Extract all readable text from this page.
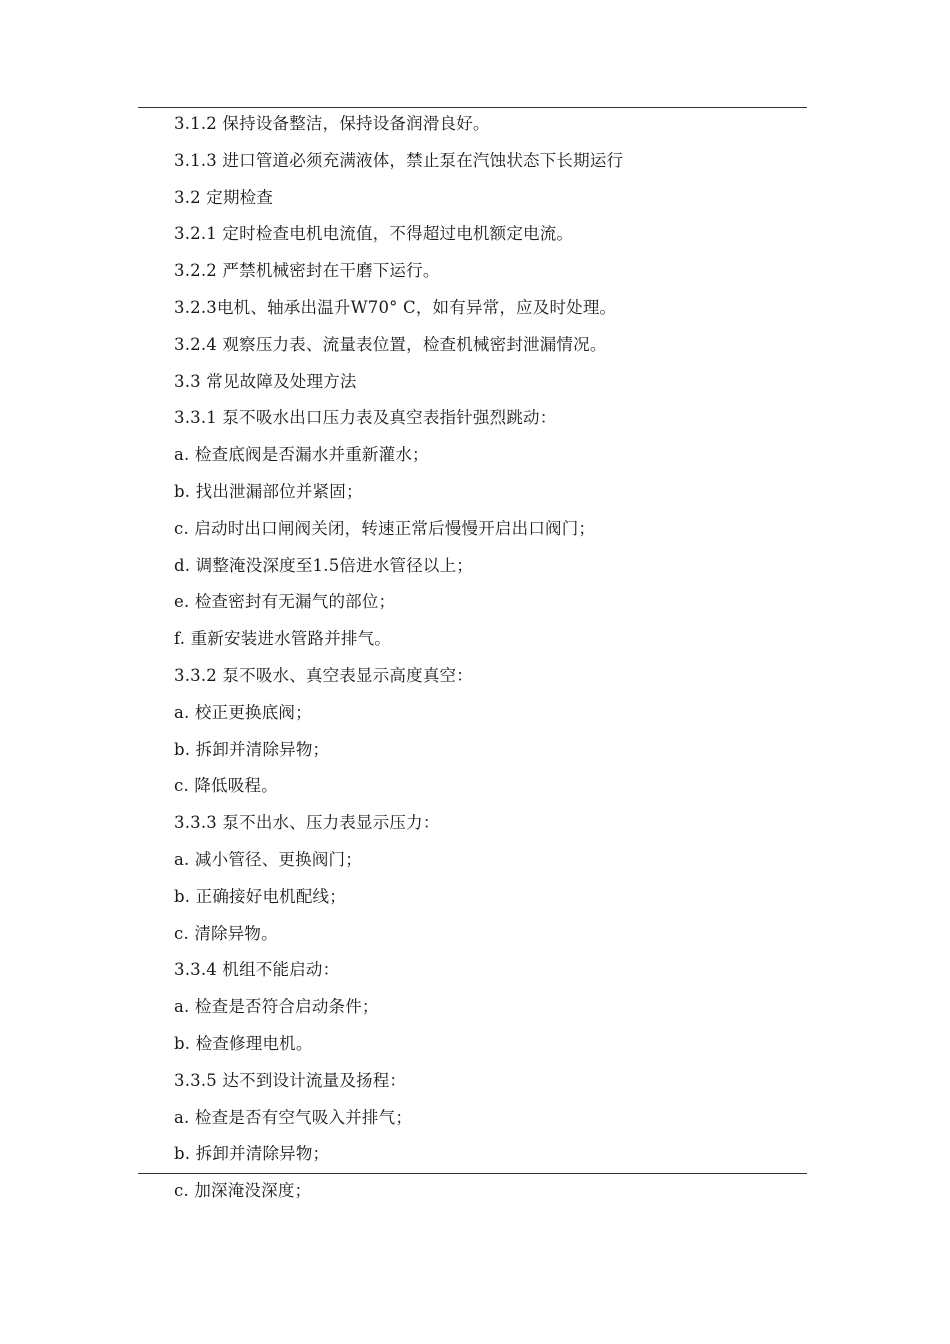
3.1.2 保持设备整洁，保持设备润滑良好。
3.1.3 进口管道必须充满液体，禁止泵在汽蚀状态下长期运行
3.2 定期检查
3.2.1 定时检查电机电流值，不得超过电机额定电流。
3.2.2 严禁机械密封在干磨下运行。
3.2.3电机、轴承出温升W70° C，如有异常，应及时处理。
3.2.4 观察压力表、流量表位置，检查机械密封泄漏情况。
3.3 常见故障及处理方法
3.3.1 泵不吸水出口压力表及真空表指针强烈跳动：
a. 检查底阀是否漏水并重新灌水；
b. 找出泄漏部位并紧固；
c. 启动时出口闸阀关闭，转速正常后慢慢开启出口阀门；
d. 调整淹没深度至1.5倍进水管径以上；
e. 检查密封有无漏气的部位；
f. 重新安装进水管路并排气。
3.3.2 泵不吸水、真空表显示高度真空：
a. 校正更换底阀；
b. 拆卸并清除异物；
c. 降低吸程。
3.3.3 泵不出水、压力表显示压力：
a. 减小管径、更换阀门；
b. 正确接好电机配线；
c. 清除异物。
3.3.4 机组不能启动：
a. 检查是否符合启动条件；
b. 检查修理电机。
3.3.5 达不到设计流量及扬程：
a. 检查是否有空气吸入并排气；
b. 拆卸并清除异物；
c. 加深淹没深度；
